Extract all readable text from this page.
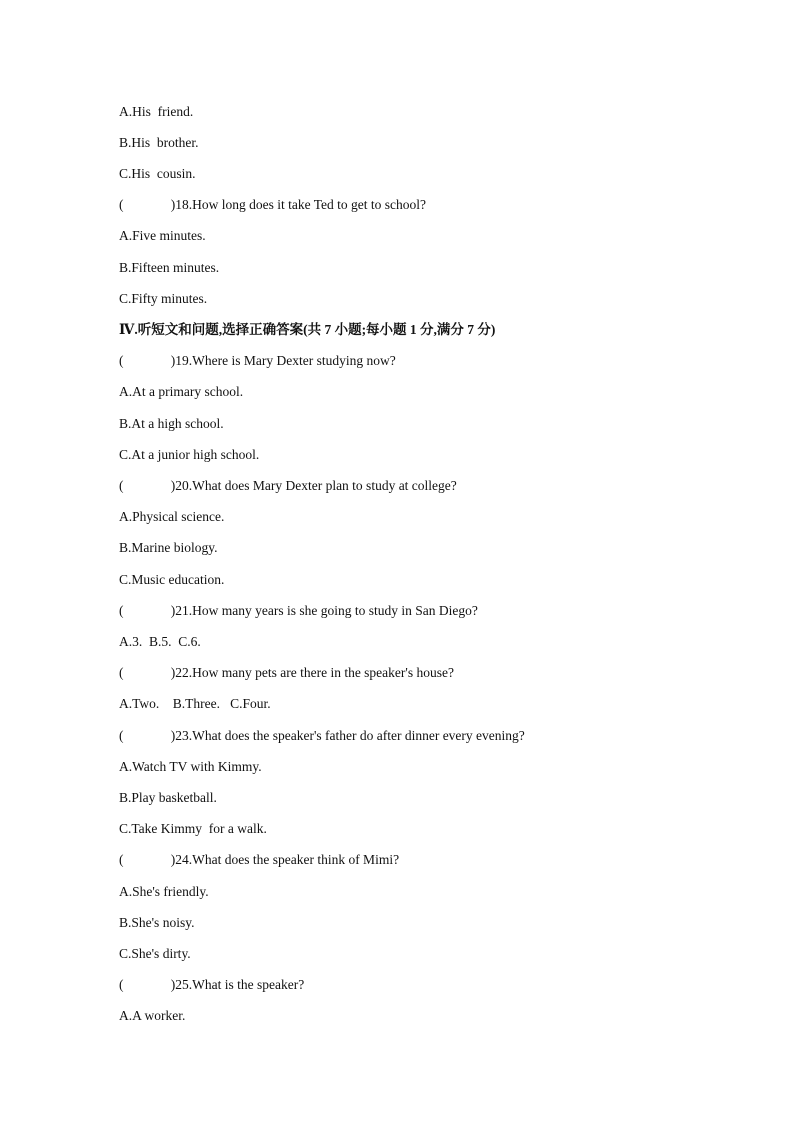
A.His  friend.
B.His  brother.
C.His  cousin.
(              )18.How long does it take Ted to get to school?
A.Five minutes.
B.Fifteen minutes.
C.Fifty minutes.
Ⅳ.听短文和问题,选择正确答案(共 7 小题;每小题 1 分,满分 7 分)
(              )19.Where is Mary Dexter studying now?
A.At a primary school.
B.At a high school.
C.At a junior high school.
(              )20.What does Mary Dexter plan to study at college?
A.Physical science.
B.Marine biology.
C.Music education.
(              )21.How many years is she going to study in San Diego?
A.3.  B.5.  C.6.
(              )22.How many pets are there in the speaker's house?
A.Two.    B.Three.   C.Four.
(              )23.What does the speaker's father do after dinner every evening?
A.Watch TV with Kimmy.
B.Play basketball.
C.Take Kimmy  for a walk.
(              )24.What does the speaker think of Mimi?
A.She's friendly.
B.She's noisy.
C.She's dirty.
(              )25.What is the speaker?
A.A worker.
